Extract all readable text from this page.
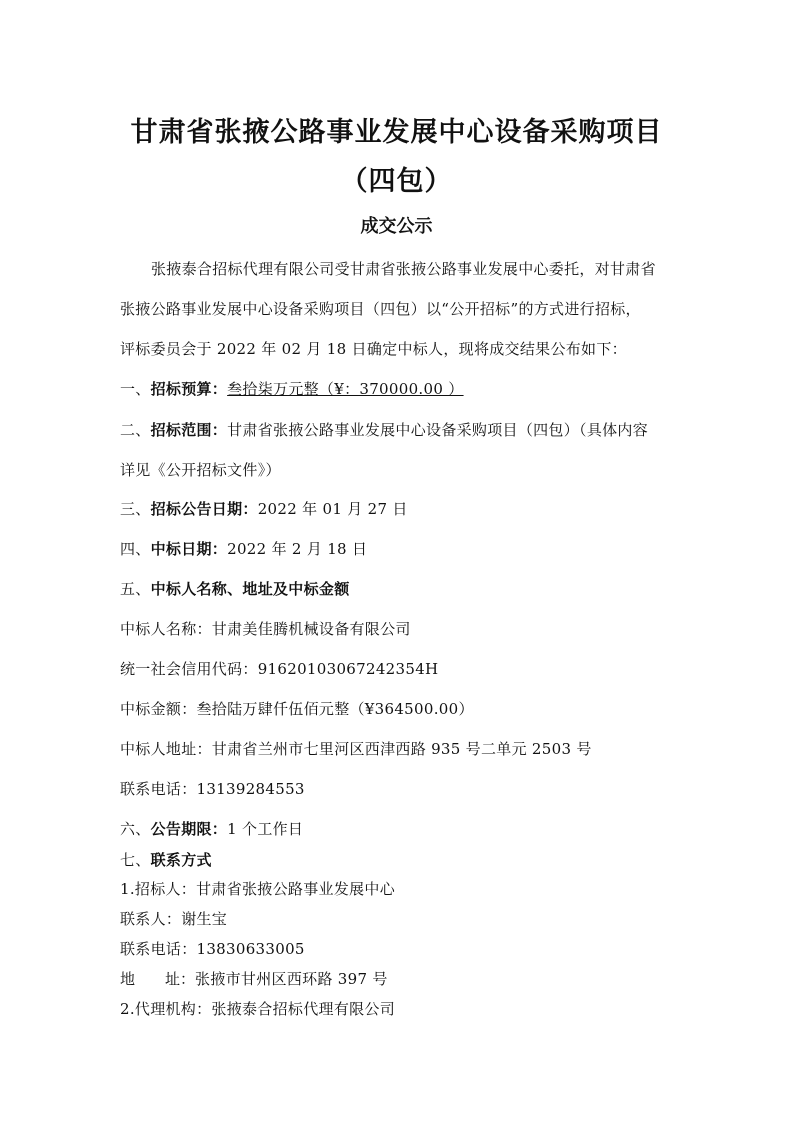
甘肃省张掖公路事业发展中心设备采购项目
（四包）
成交公示

张掖泰合招标代理有限公司受甘肃省张掖公路事业发展中心委托，对甘肃省

张掖公路事业发展中心设备采购项目（四包）以“公开招标”的方式进行招标，

评标委员会于 2022 年 02 月 18 日确定中标人，现将成交结果公布如下：

一、招标预算：叁拾柒万元整（¥：370000.00 ）

二、招标范围：甘肃省张掖公路事业发展中心设备采购项目（四包）（具体内容

详见《公开招标文件》）

三、招标公告日期：2022 年 01 月 27 日

四、中标日期：2022 年 2 月 18 日

五、中标人名称、地址及中标金额

中标人名称：甘肃美佳腾机械设备有限公司

统一社会信用代码：91620103067242354H

中标金额：叁拾陆万肆仟伍佰元整（¥364500.00）

中标人地址：甘肃省兰州市七里河区西津西路 935 号二单元 2503 号

联系电话：13139284553

六、公告期限：1 个工作日

七、联系方式

1.招标人：甘肃省张掖公路事业发展中心

联系人：谢生宝

联系电话：13830633005

地 址：张掖市甘州区西环路 397 号

2.代理机构：张掖泰合招标代理有限公司
